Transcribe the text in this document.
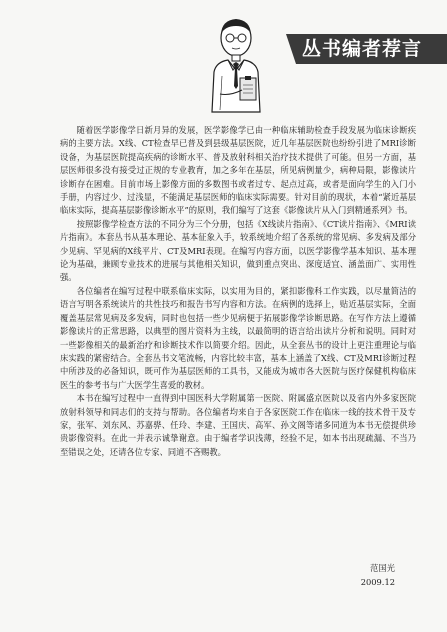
丛书编者荐言

随着医学影像学日新月异的发展，医学影像学已由一种临床辅助检查手段发展为临床诊断疾病的主要方法。X线、CT检查早已普及到县级基层医院，近几年基层医院也纷纷引进了MRI诊断设备，为基层医院提高疾病的诊断水平、普及放射科相关治疗技术提供了可能。但另一方面，基层医师很多没有接受过正规的专业教育，加之多年在基层，所见病例量少，病种局限，影像读片诊断存在困难。目前市场上影像方面的多数图书或者过专、起点过高，或者是面向学生的入门小手册，内容过少、过浅显，不能满足基层医师的临床实际需要。针对目前的现状，本着“紧近基层临床实际，提高基层影像诊断水平”的原则，我们编写了这套《影像读片从入门到精通系列》书。

按照影像学检查方法的不同分为三个分册，包括《X线读片指南》、《CT读片指南》、《MRI读片指南》。本套丛书从基本理论、基本征象入手，较系统地介绍了各系统的常见病、多发病及部分少见病、罕见病的X线平片、CT及MRI表现。在编写内容方面，以医学影像学基本知识、基本理论为基础，兼顾专业技术的进展与其他相关知识，做到重点突出、深度适宜、涵盖面广、实用性强。

各位编者在编写过程中联系临床实际，以实用为目的，紧扣影像科工作实践，以尽量简洁的语言写明各系统读片的共性技巧和报告书写内容和方法。在病例的选择上，贴近基层实际，全面覆盖基层常见病及多发病，同时也包括一些少见病便于拓展影像学诊断思路。在写作方法上遵循影像读片的正常思路，以典型的图片资料为主线，以最简明的语言给出读片分析和说明。同时对一些影像相关的最新治疗和诊断技术作以简要介绍。因此，从全套丛书的设计上更注重理论与临床实践的紧密结合。全套丛书文笔流畅，内容比较丰富，基本上涵盖了X线、CT及MRI诊断过程中所涉及的必备知识，既可作为基层医师的工具书，又能成为城市各大医院与医疗保健机构临床医生的参考书与广大医学生喜爱的教材。

本书在编写过程中一直得到中国医科大学附属第一医院、附属盛京医院以及省内外多家医院放射科领导和同志们的支持与帮助。各位编者均来自于各家医院工作在临床一线的技术骨干及专家，张军、刘东风、苏嘉骅、任玲、李建、王国庆、高军、孙文阁等诸多同道为本书无偿提供珍贵影像资料。在此一并表示诚挚谢意。由于编者学识浅薄，经验不足，如本书出现疏漏、不当乃至错误之处，还请各位专家、同道不吝赐教。

范国光
2009.12
